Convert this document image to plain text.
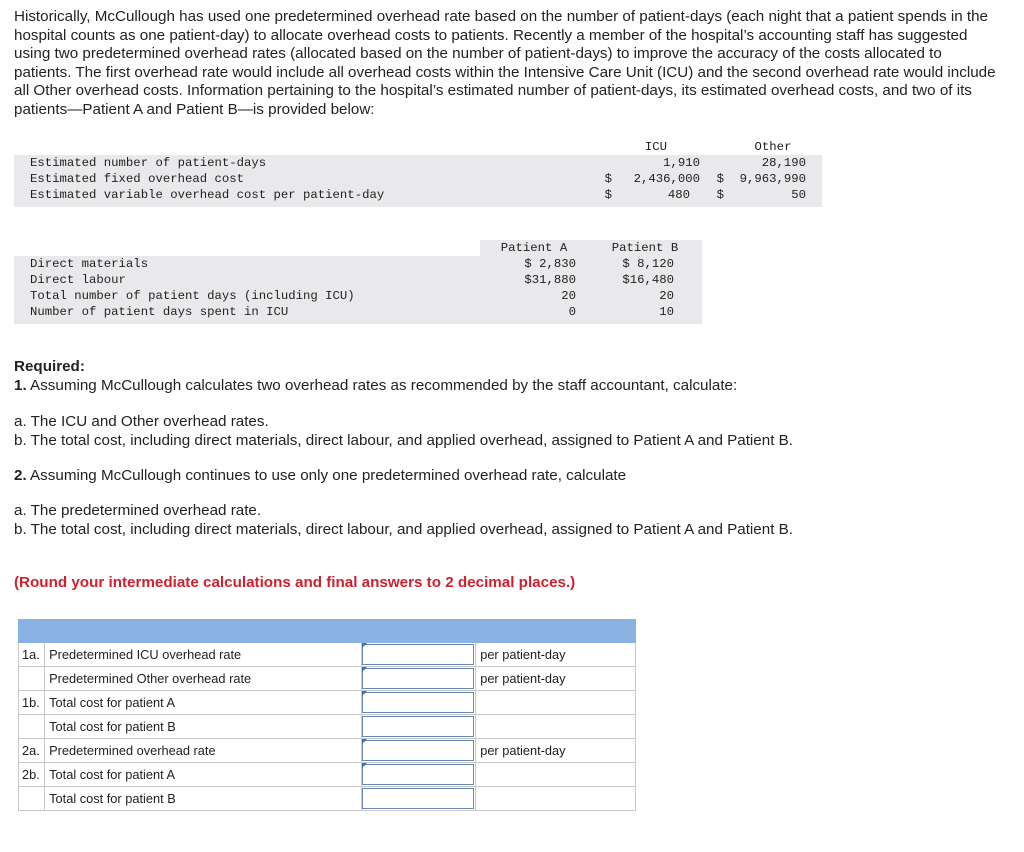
Historically, McCullough has used one predetermined overhead rate based on the number of patient-days (each night that a patient spends in the hospital counts as one patient-day) to allocate overhead costs to patients. Recently a member of the hospital’s accounting staff has suggested using two predetermined overhead rates (allocated based on the number of patient-days) to improve the accuracy of the costs allocated to patients. The first overhead rate would include all overhead costs within the Intensive Care Unit (ICU) and the second overhead rate would include all Other overhead costs. Information pertaining to the hospital’s estimated number of patient-days, its estimated overhead costs, and two of its patients—Patient A and Patient B—is provided below:

		ICU		Other
Estimated number of patient-days		1,910		28,190
Estimated fixed overhead cost	$	2,436,000	$	9,963,990
Estimated variable overhead cost per patient-day	$	480	$	50

	Patient A	Patient B
Direct materials	$ 2,830	$ 8,120
Direct labour	$31,880	$16,480
Total number of patient days (including ICU)	20	20
Number of patient days spent in ICU	0	10

Required:

1. Assuming McCullough calculates two overhead rates as recommended by the staff accountant, calculate:

a. The ICU and Other overhead rates.

b. The total cost, including direct materials, direct labour, and applied overhead, assigned to Patient A and Patient B.

2. Assuming McCullough continues to use only one predetermined overhead rate, calculate

a. The predetermined overhead rate.

b. The total cost, including direct materials, direct labour, and applied overhead, assigned to Patient A and Patient B.

(Round your intermediate calculations and final answers to 2 decimal places.)

1a.	Predetermined ICU overhead rate		per patient-day
	Predetermined Other overhead rate		per patient-day
1b.	Total cost for patient A	

	Total cost for patient B	

2a.	Predetermined overhead rate		per patient-day
2b.	Total cost for patient A	

	Total cost for patient B	
